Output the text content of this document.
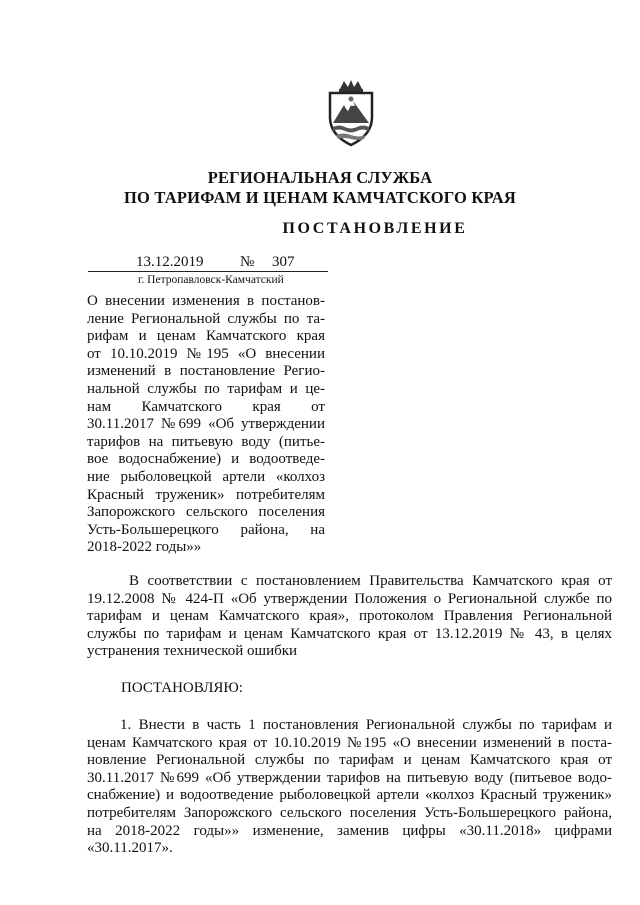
РЕГИОНАЛЬНАЯ СЛУЖБА
ПО ТАРИФАМ И ЦЕНАМ КАМЧАТСКОГО КРАЯ
ПОСТАНОВЛЕНИЕ
13.12.2019 № 307
г. Петропавловск-Камчатский
О внесении изменения в постанов-
ление Региональной службы по та-
рифам и ценам Камчатского края
от 10.10.2019 №195 «О внесении
изменений в постановление Регио-
нальной службы по тарифам и це-
нам Камчатского края от
30.11.2017 №699 «Об утверждении
тарифов на питьевую воду (питье-
вое водоснабжение) и водоотведе-
ние рыболовецкой артели «колхоз
Красный труженик» потребителям
Запорожского сельского поселения
Усть-Большерецкого района, на
2018-2022 годы»»
В соответствии с постановлением Правительства Камчатского края от
19.12.2008 № 424-П «Об утверждении Положения о Региональной службе по
тарифам и ценам Камчатского края», протоколом Правления Региональной
службы по тарифам и ценам Камчатского края от 13.12.2019 № 43, в целях
устранения технической ошибки
ПОСТАНОВЛЯЮ:
1. Внести в часть 1 постановления Региональной службы по тарифам и
ценам Камчатского края от 10.10.2019 №195 «О внесении изменений в поста-
новление Региональной службы по тарифам и ценам Камчатского края от
30.11.2017 №699 «Об утверждении тарифов на питьевую воду (питьевое водо-
снабжение) и водоотведение рыболовецкой артели «колхоз Красный труженик»
потребителям Запорожского сельского поселения Усть-Большерецкого района,
на 2018-2022 годы»» изменение, заменив цифры «30.11.2018» цифрами
«30.11.2017».
